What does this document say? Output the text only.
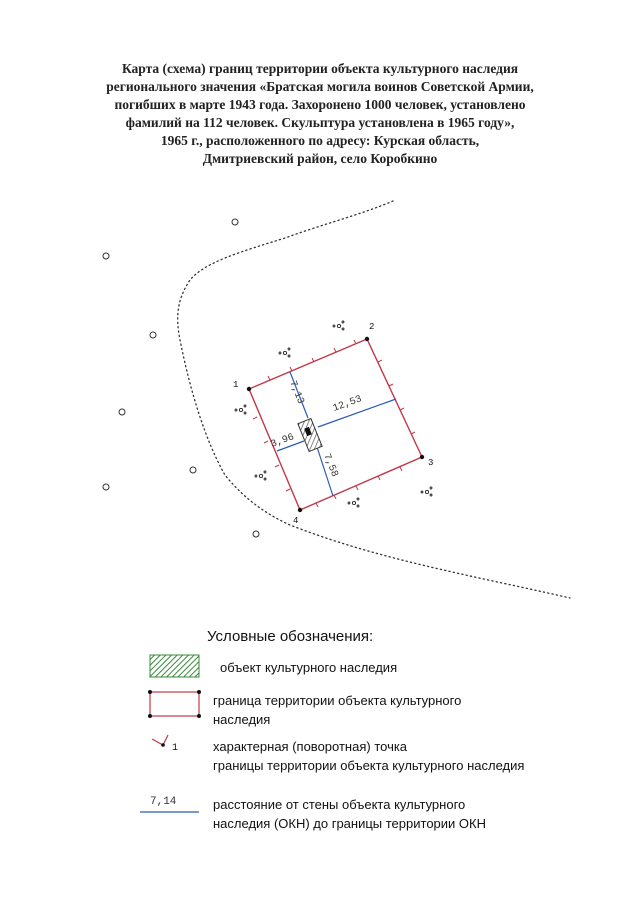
Карта (схема) границ территории объекта культурного наследия
регионального значения «Братская могила воинов Советской Армии,
погибших в марте 1943 года. Захоронено 1000 человек, установлено
фамилий на 112 человек. Скульптура установлена в 1965 году»,
1965 г., расположенного по адресу: Курская область,
Дмитриевский район, село Коробкино
1
2
3
4
7,13	12,53
3,96
7,58
1
7,14
Условные обозначения:
объект культурного наследия
граница территории объекта культурного
наследия
характерная (поворотная) точка
границы территории объекта культурного наследия
расстояние от стены объекта культурного
наследия (ОКН) до границы территории ОКН
